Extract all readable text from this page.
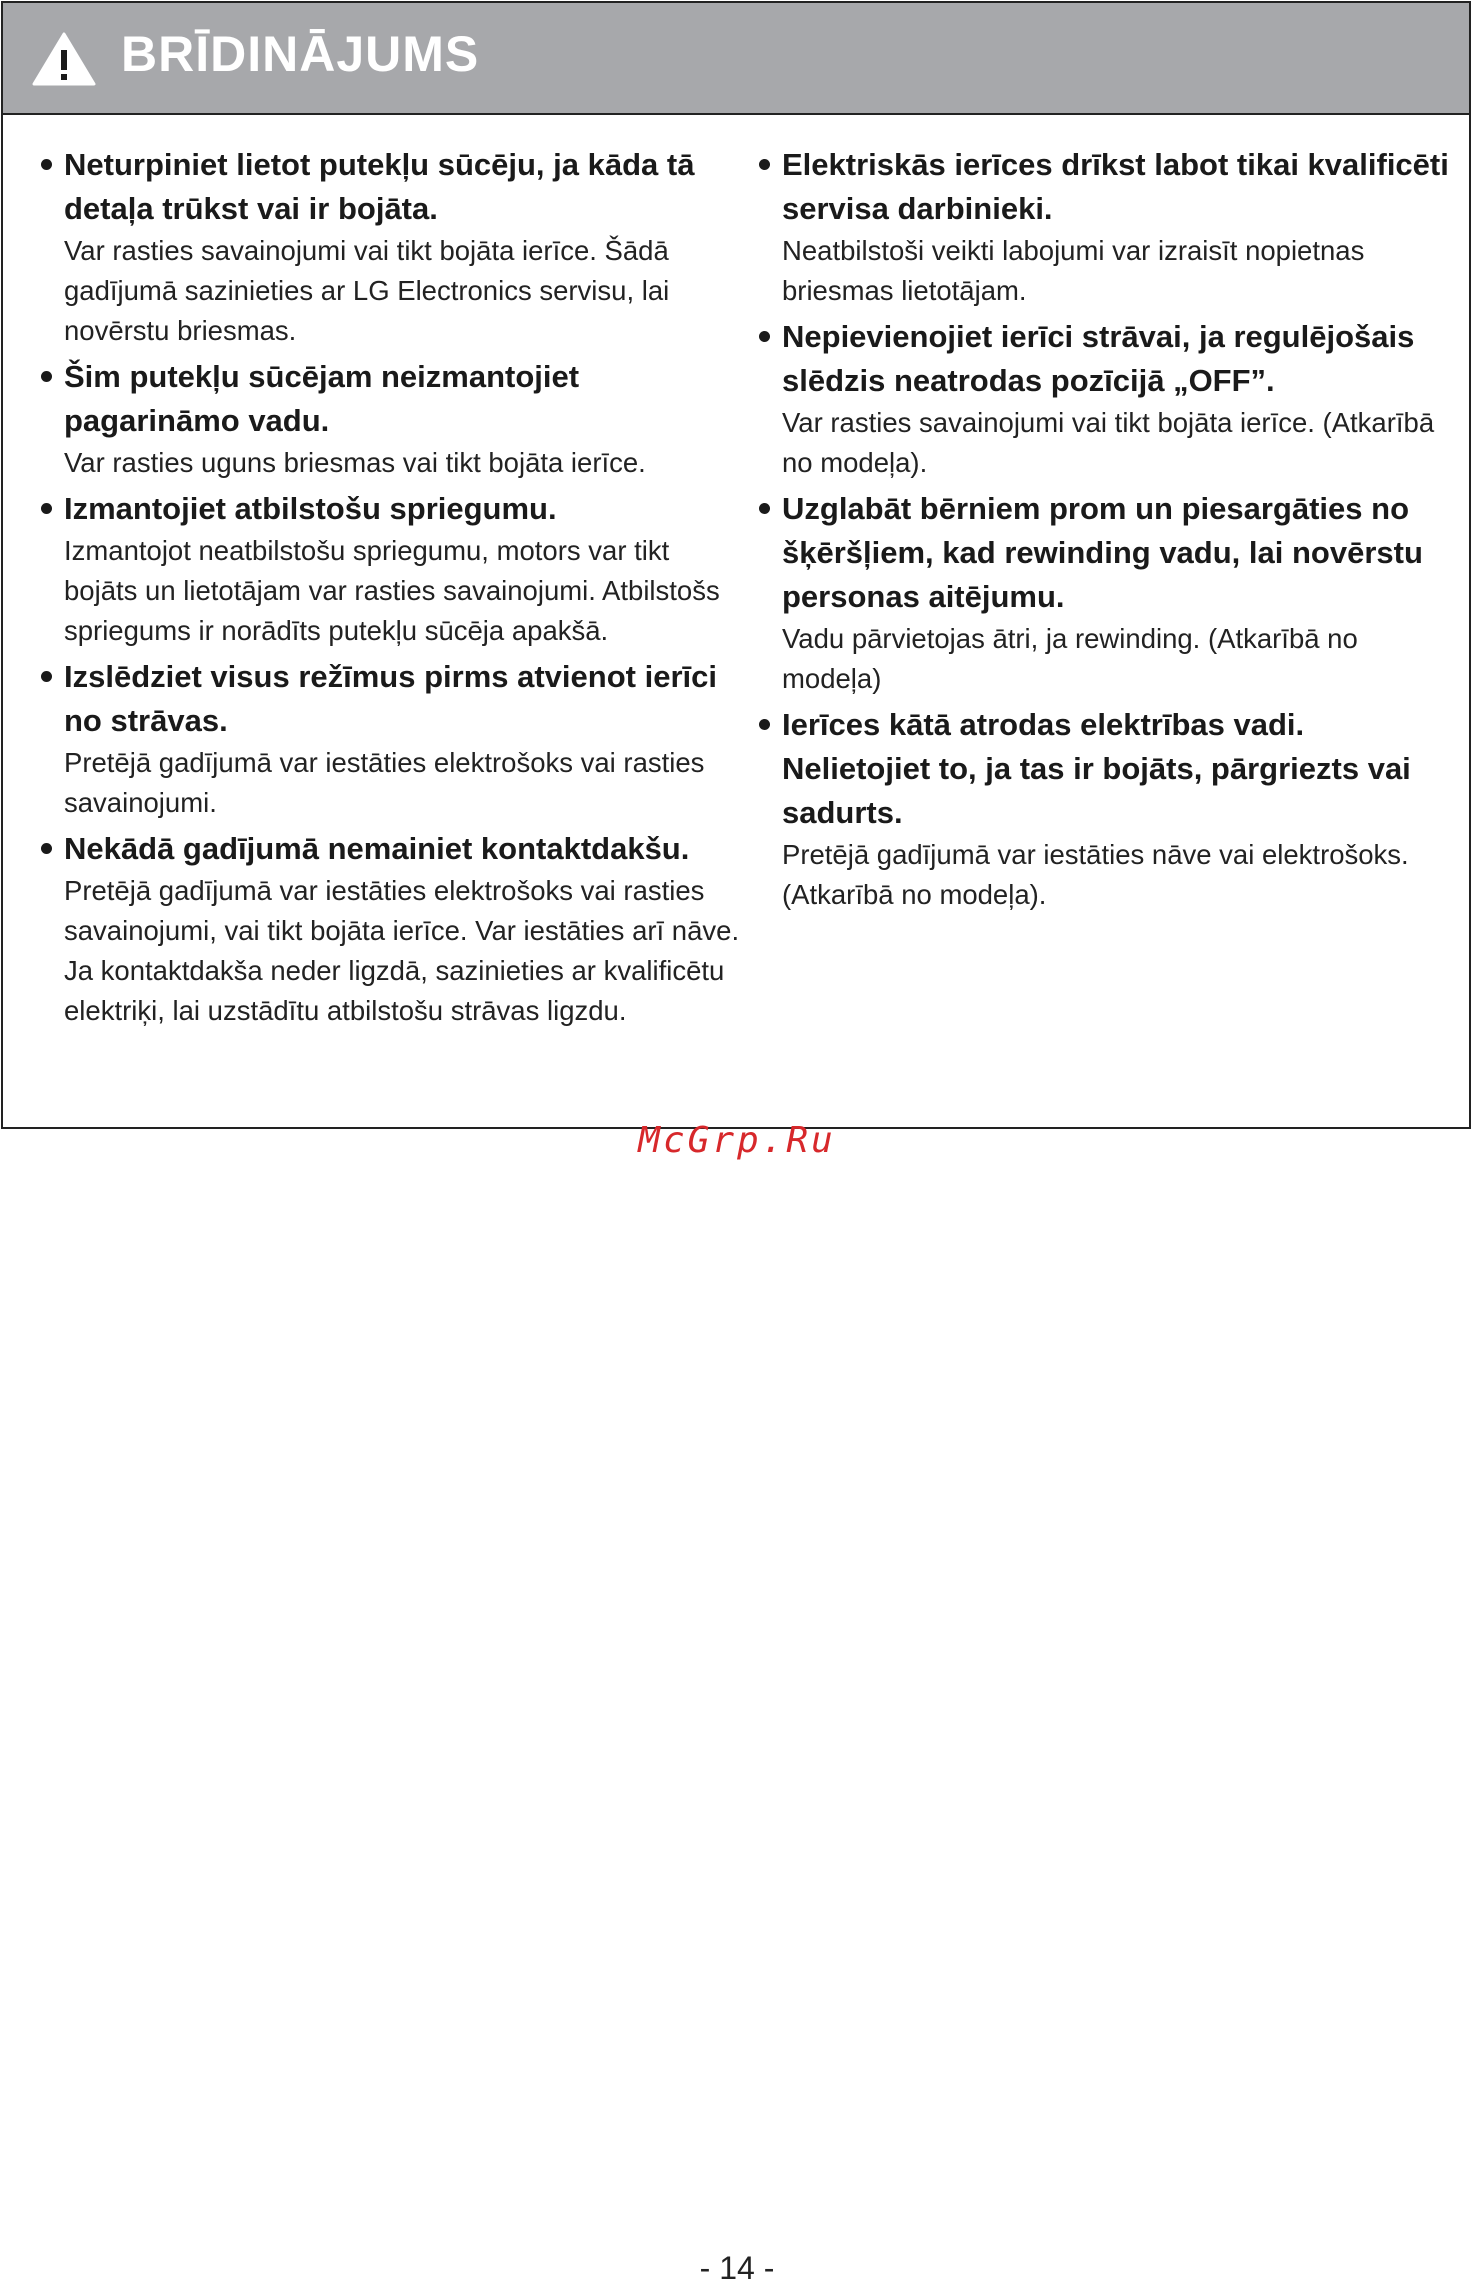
BRĪDINĀJUMS
Neturpiniet lietot putekļu sūcēju, ja kāda tā detaļa trūkst vai ir bojāta.
Var rasties savainojumi vai tikt bojāta ierīce. Šādā gadījumā sazinieties ar LG Electronics servisu, lai novērstu briesmas.
Šim putekļu sūcējam neizmantojiet pagarināmo vadu.
Var rasties uguns briesmas vai tikt bojāta ierīce.
Izmantojiet atbilstošu spriegumu.
Izmantojot neatbilstošu spriegumu, motors var tikt bojāts un lietotājam var rasties savainojumi. Atbilstošs spriegums ir norādīts putekļu sūcēja apakšā.
Izslēdziet visus režīmus pirms atvienot ierīci no strāvas.
Pretējā gadījumā var iestāties elektrošoks vai rasties savainojumi.
Nekādā gadījumā nemainiet kontaktdakšu.
Pretējā gadījumā var iestāties elektrošoks vai rasties savainojumi, vai tikt bojāta ierīce. Var iestāties arī nāve. Ja kontaktdakša neder ligzdā, sazinieties ar kvalificētu elektriķi, lai uzstādītu atbilstošu strāvas ligzdu.
Elektriskās ierīces drīkst labot tikai kvalificēti servisa darbinieki.
Neatbilstoši veikti labojumi var izraisīt nopietnas briesmas lietotājam.
Nepievienojiet ierīci strāvai, ja regulējošais slēdzis neatrodas pozīcijā „OFF”.
Var rasties savainojumi vai tikt bojāta ierīce. (Atkarībā no modeļa).
Uzglabāt bērniem prom un piesargāties no šķēršļiem, kad rewinding vadu, lai novērstu personas aitējumu.
Vadu pārvietojas ātri, ja rewinding. (Atkarībā no modeļa)
Ierīces kātā atrodas elektrības vadi. Nelietojiet to, ja tas ir bojāts, pārgriezts vai sadurts.
Pretējā gadījumā var iestāties nāve vai elektrošoks. (Atkarībā no modeļa).
McGrp.Ru
- 14 -
